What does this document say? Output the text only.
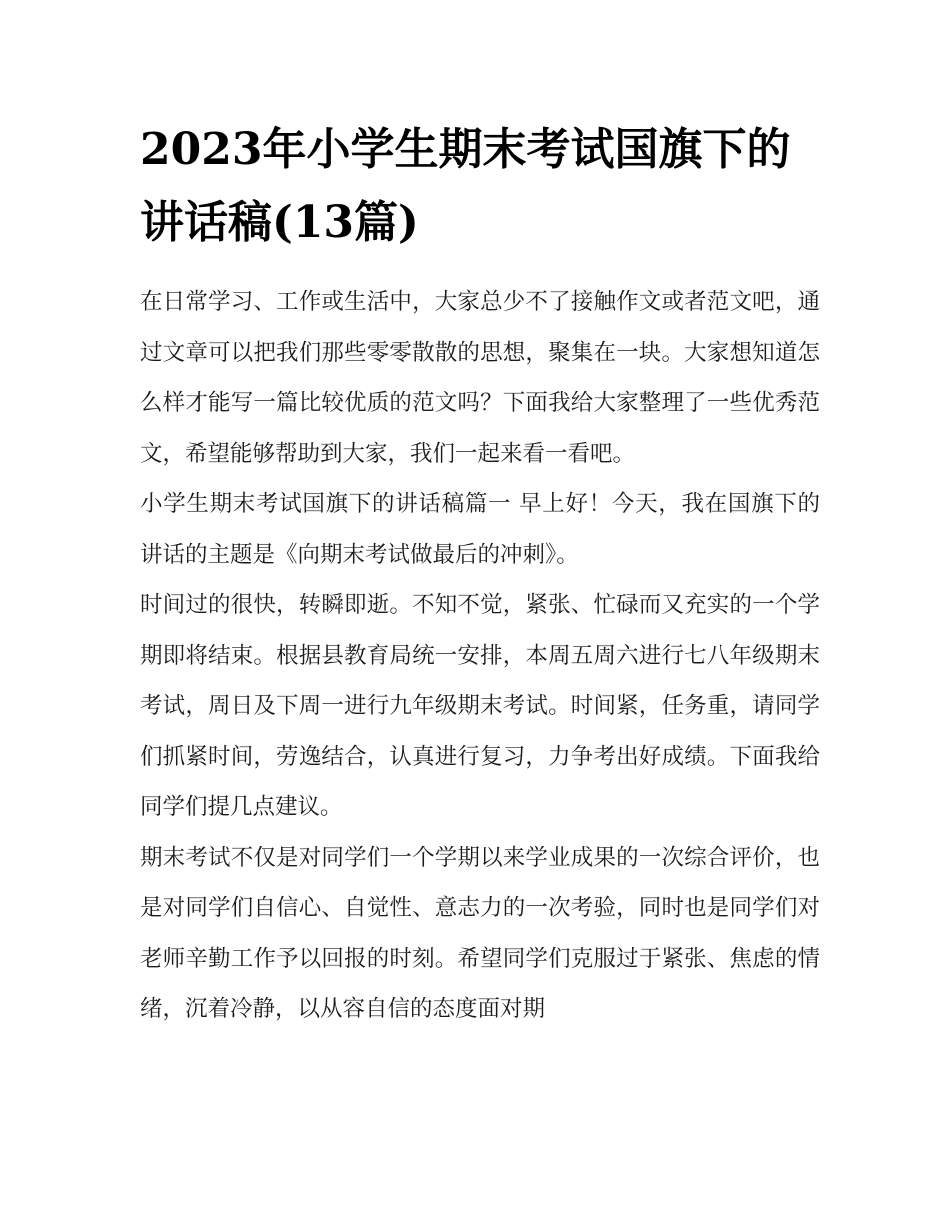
2023年小学生期末考试国旗下的讲话稿(13篇)

在日常学习、工作或生活中，大家总少不了接触作文或者范文吧，通过文章可以把我们那些零零散散的思想，聚集在一块。大家想知道怎么样才能写一篇比较优质的范文吗？下面我给大家整理了一些优秀范文，希望能够帮助到大家，我们一起来看一看吧。

小学生期末考试国旗下的讲话稿篇一 早上好！今天，我在国旗下的讲话的主题是《向期末考试做最后的冲刺》。

时间过的很快，转瞬即逝。不知不觉，紧张、忙碌而又充实的一个学期即将结束。根据县教育局统一安排，本周五周六进行七八年级期末考试，周日及下周一进行九年级期末考试。时间紧，任务重，请同学们抓紧时间，劳逸结合，认真进行复习，力争考出好成绩。下面我给同学们提几点建议。

期末考试不仅是对同学们一个学期以来学业成果的一次综合评价，也是对同学们自信心、自觉性、意志力的一次考验，同时也是同学们对老师辛勤工作予以回报的时刻。希望同学们克服过于紧张、焦虑的情绪，沉着冷静，以从容自信的态度面对期
